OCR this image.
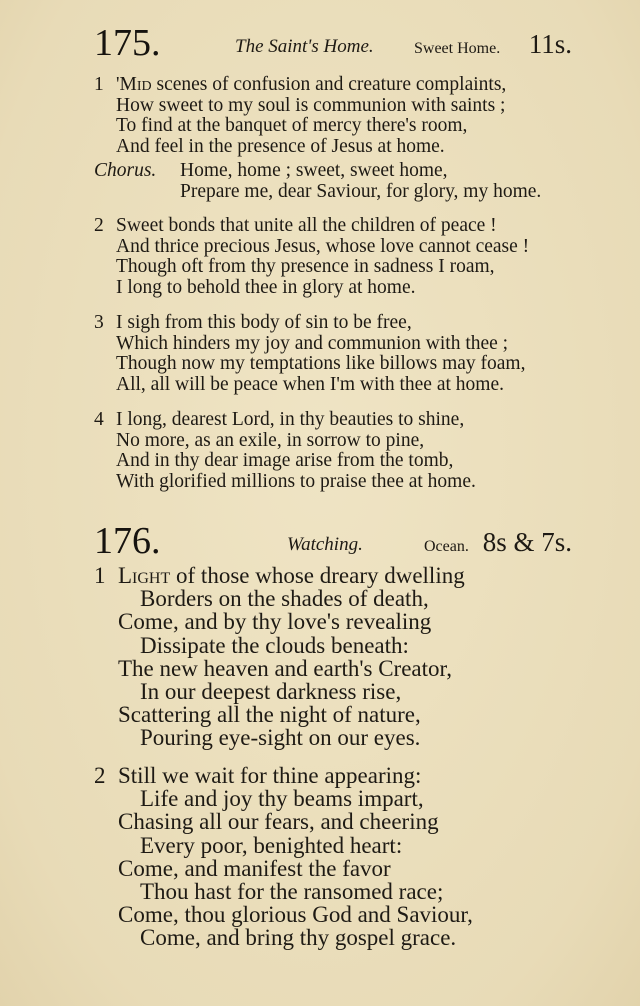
175.	The Saint's Home.	Sweet Home. 11s.
1 'Mid scenes of confusion and creature complaints,
How sweet to my soul is communion with saints ;
To find at the banquet of mercy there's room,
And feel in the presence of Jesus at home.
Chorus.	Home, home ; sweet, sweet home,
Prepare me, dear Saviour, for glory, my home.
2 Sweet bonds that unite all the children of peace !
And thrice precious Jesus, whose love cannot cease !
Though oft from thy presence in sadness I roam,
I long to behold thee in glory at home.
3 I sigh from this body of sin to be free,
Which hinders my joy and communion with thee ;
Though now my temptations like billows may foam,
All, all will be peace when I'm with thee at home.
4 I long, dearest Lord, in thy beauties to shine,
No more, as an exile, in sorrow to pine,
And in thy dear image arise from the tomb,
With glorified millions to praise thee at home.
176.	Watching.	Ocean. 8s & 7s.
1 Light of those whose dreary dwelling
Borders on the shades of death,
Come, and by thy love's revealing
Dissipate the clouds beneath:
The new heaven and earth's Creator,
In our deepest darkness rise,
Scattering all the night of nature,
Pouring eye-sight on our eyes.
2 Still we wait for thine appearing:
Life and joy thy beams impart,
Chasing all our fears, and cheering
Every poor, benighted heart:
Come, and manifest the favor
Thou hast for the ransomed race;
Come, thou glorious God and Saviour,
Come, and bring thy gospel grace.
